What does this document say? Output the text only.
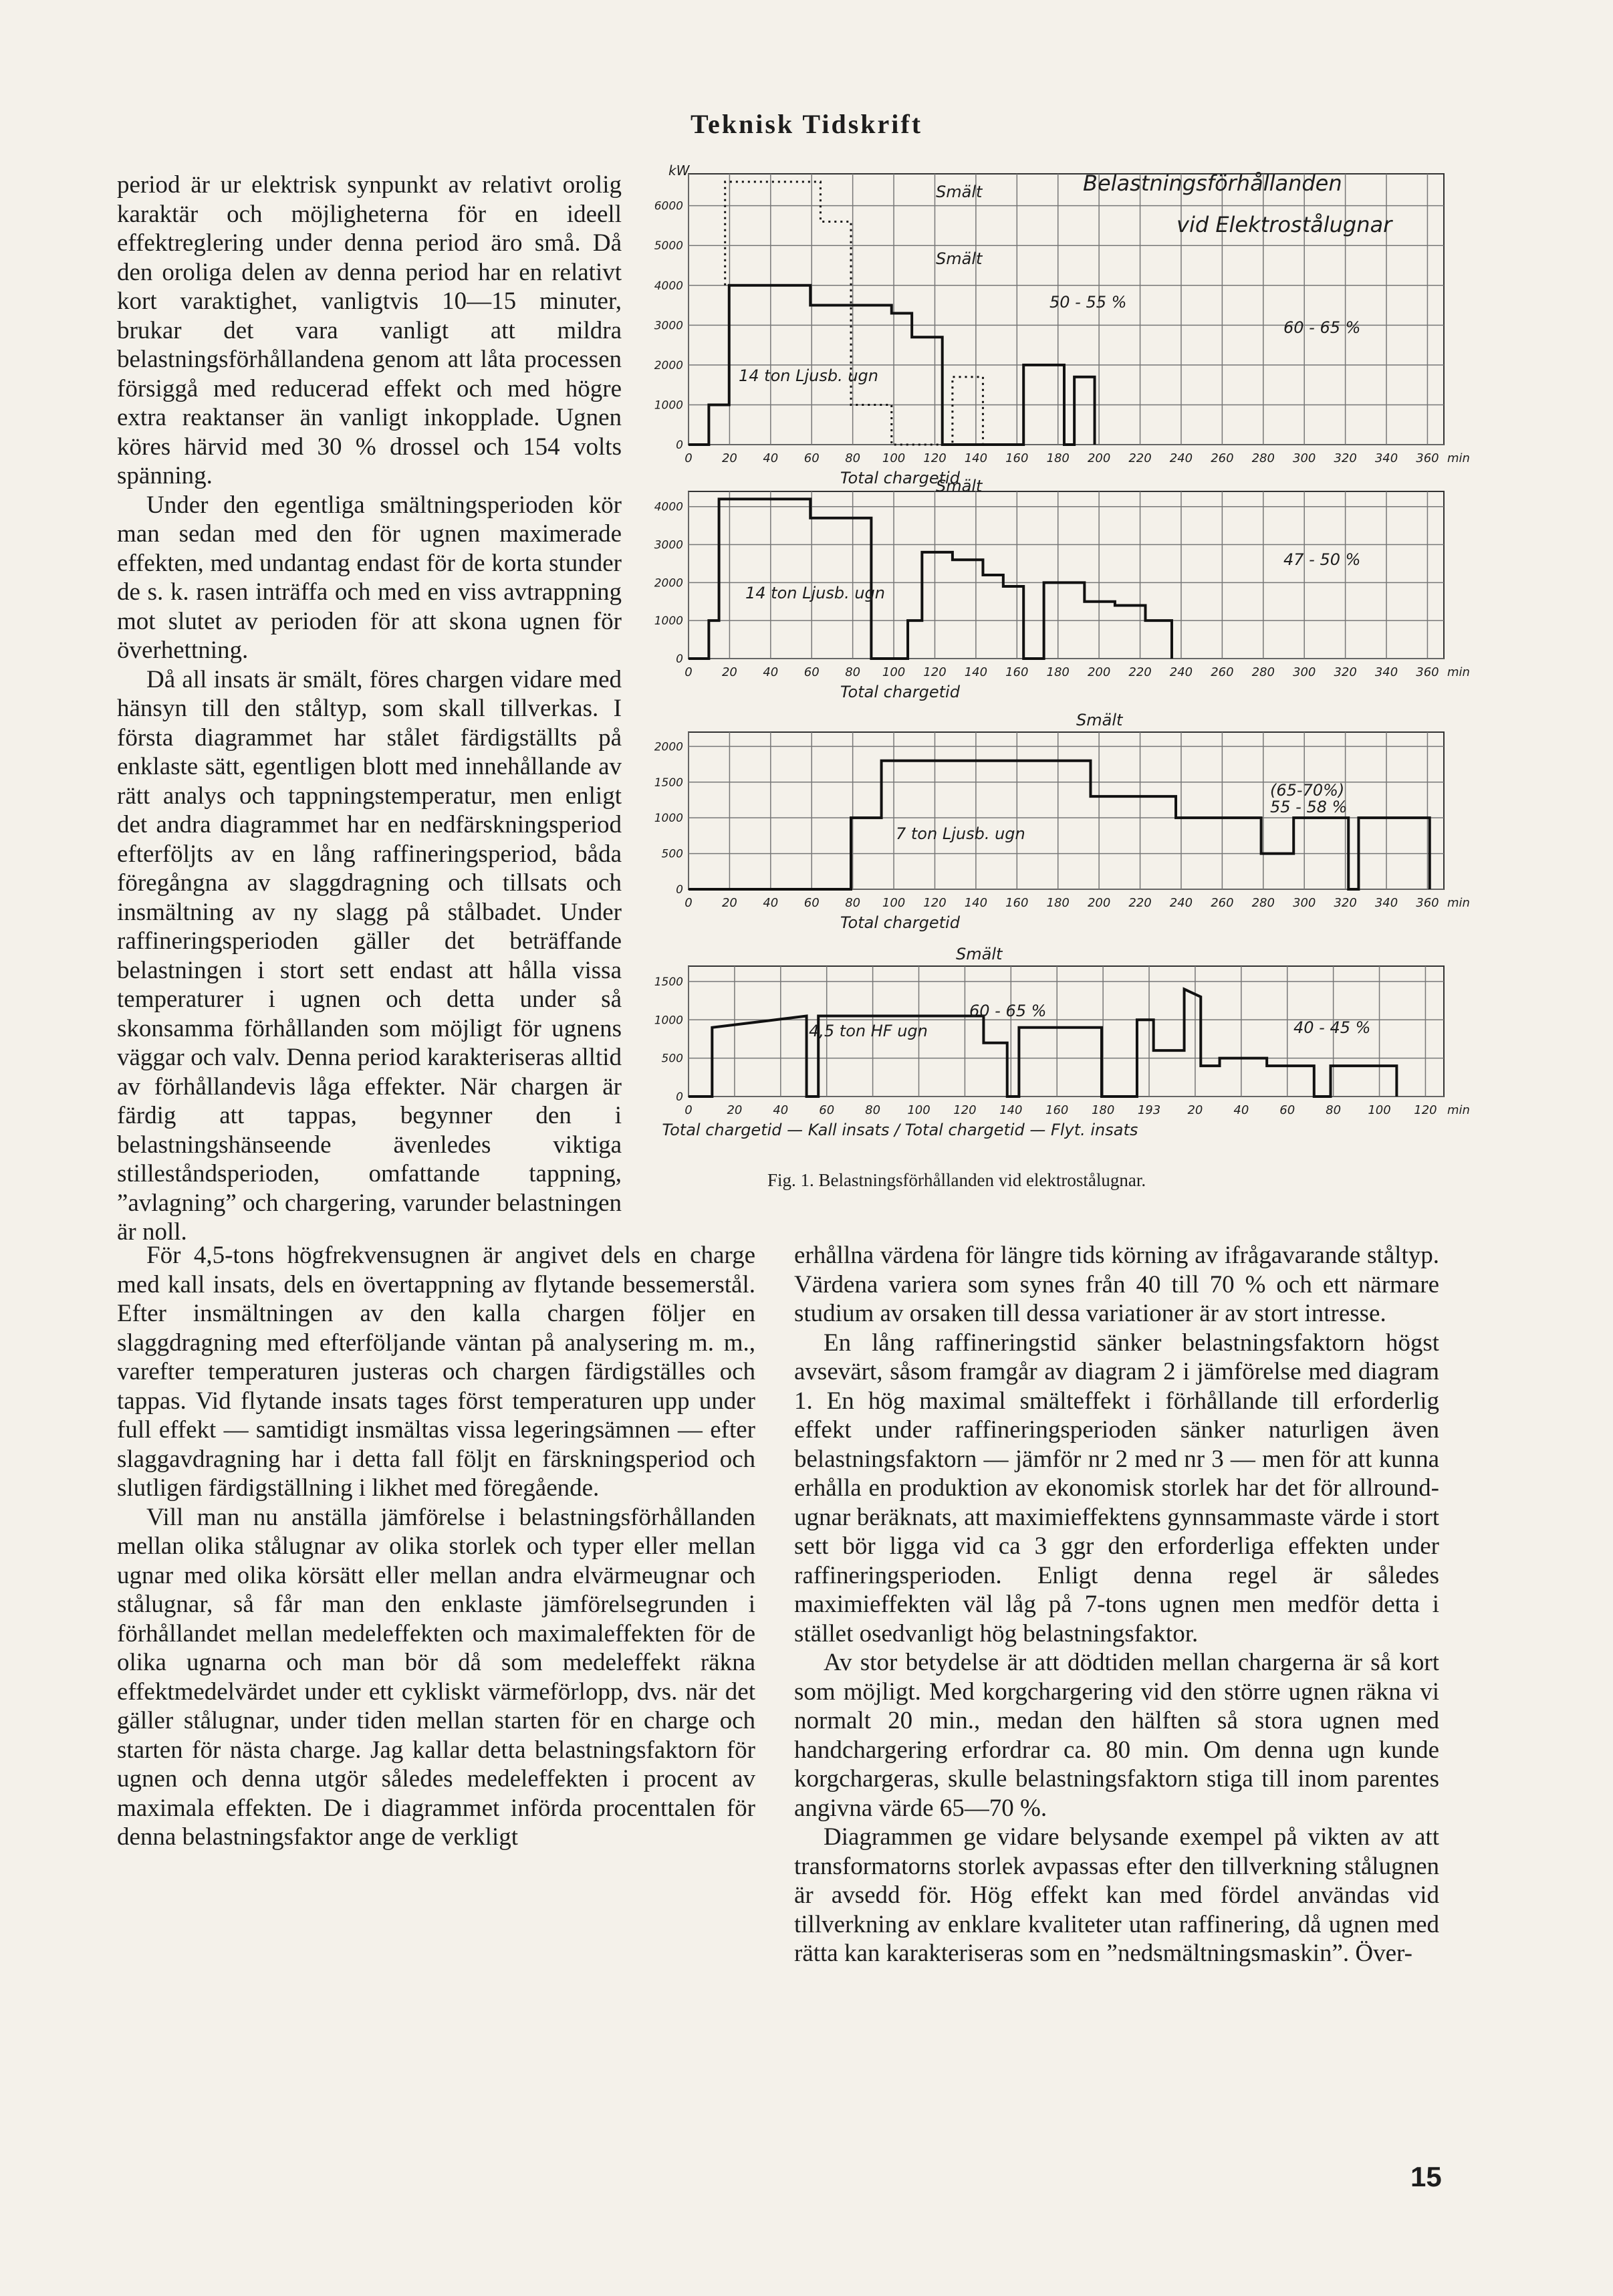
Teknisk Tidskrift

period är ur elektrisk synpunkt av relativt orolig karaktär och möjligheterna för en ideell effektreglering under denna period äro små. Då den oroliga delen av denna period har en relativt kort varaktighet, vanligtvis 10—15 minuter, brukar det vara vanligt att mildra belastningsförhållandena genom att låta processen försiggå med reducerad effekt och med högre extra reaktanser än vanligt inkopplade. Ugnen köres härvid med 30 % drossel och 154 volts spänning.

Under den egentliga smältningsperioden kör man sedan med den för ugnen maximerade effekten, med undantag endast för de korta stunder de s. k. rasen inträffa och med en viss avtrappning mot slutet av perioden för att skona ugnen för överhettning.

Då all insats är smält, föres chargen vidare med hänsyn till den ståltyp, som skall tillverkas. I första diagrammet har stålet färdigställts på enklaste sätt, egentligen blott med innehållande av rätt analys och tappningstemperatur, men enligt det andra diagrammet har en nedfärskningsperiod efterföljts av en lång raffineringsperiod, båda föregångna av slaggdragning och tillsats och insmältning av ny slagg på stålbadet. Under raffineringsperioden gäller det beträffande belastningen i stort sett endast att hålla vissa temperaturer i ugnen och detta under så skonsamma förhållanden som möjligt för ugnens väggar och valv. Denna period karakteriseras alltid av förhållandevis låga effekter. När chargen är färdig att tappas, begynner den i belastningshänseende ävenledes viktiga stilleståndsperioden, omfattande tappning, ”avlagning” och chargering, varunder belastningen är noll.

0 20 40 60 80 100 120 140 160 180 200 220 240 260 280 300 320 340 360 min
0
1000
2000
3000
4000
5000
6000
kW
Total chargetid
Belastningsförhållanden
vid Elektrostålugnar
Smält
Smält
50 - 55 %
60 - 65 %
14 ton Ljusb. ugn
0 20 40 60 80 100 120 140 160 180 200 220 240 260 280 300 320 340 360 min
0
1000
2000
3000
4000
Total chargetid
Smält
47 - 50 %
14 ton Ljusb. ugn
0 20 40 60 80 100 120 140 160 180 200 220 240 260 280 300 320 340 360 min
0
500
1000
1500
2000
Total chargetid
Smält
(65-70%)
55 - 58 %
7 ton Ljusb. ugn
0	20	40	60	80 100 120 140 160 180 193 20	40	60	80 100 120 min
0
500
1000
1500
Total chargetid — Kall insats / Total chargetid — Flyt. insats
Smält
60 - 65 %
40 - 45 %
4,5 ton HF ugn
Fig. 1. Belastningsförhållanden vid elektrostålugnar.

För 4,5-tons högfrekvensugnen är angivet dels en charge med kall insats, dels en övertappning av flytande bessemerstål. Efter insmältningen av den kalla chargen följer en slaggdragning med efterföljande väntan på analysering m. m., varefter temperaturen justeras och chargen färdigställes och tappas. Vid flytande insats tages först temperaturen upp under full effekt — samtidigt insmältas vissa legeringsämnen — efter slaggavdragning har i detta fall följt en färskningsperiod och slutligen färdigställning i likhet med föregående.

Vill man nu anställa jämförelse i belastningsförhållanden mellan olika stålugnar av olika storlek och typer eller mellan ugnar med olika körsätt eller mellan andra elvärmeugnar och stålugnar, så får man den enklaste jämförelsegrunden i förhållandet mellan medeleffekten och maximaleffekten för de olika ugnarna och man bör då som medeleffekt räkna effektmedelvärdet under ett cykliskt värmeförlopp, dvs. när det gäller stålugnar, under tiden mellan starten för en charge och starten för nästa charge. Jag kallar detta belastningsfaktorn för ugnen och denna utgör således medeleffekten i procent av maximala effekten. De i diagrammet införda procenttalen för denna belastningsfaktor ange de verkligt

erhållna värdena för längre tids körning av ifrågavarande ståltyp. Värdena variera som synes från 40 till 70 % och ett närmare studium av orsaken till dessa variationer är av stort intresse.

En lång raffineringstid sänker belastningsfaktorn högst avsevärt, såsom framgår av diagram 2 i jämförelse med diagram 1. En hög maximal smälteffekt i förhållande till erforderlig effekt under raffineringsperioden sänker naturligen även belastningsfaktorn — jämför nr 2 med nr 3 — men för att kunna erhålla en produktion av ekonomisk storlek har det för allround-ugnar beräknats, att maximieffektens gynnsammaste värde i stort sett bör ligga vid ca 3 ggr den erforderliga effekten under raffineringsperioden. Enligt denna regel är således maximieffekten väl låg på 7-tons ugnen men medför detta i stället osedvanligt hög belastningsfaktor.

Av stor betydelse är att dödtiden mellan chargerna är så kort som möjligt. Med korgchargering vid den större ugnen räkna vi normalt 20 min., medan den hälften så stora ugnen med handchargering erfordrar ca. 80 min. Om denna ugn kunde korgchargeras, skulle belastningsfaktorn stiga till inom parentes angivna värde 65—70 %.

Diagrammen ge vidare belysande exempel på vikten av att transformatorns storlek avpassas efter den tillverkning stålugnen är avsedd för. Hög effekt kan med fördel användas vid tillverkning av enklare kvaliteter utan raffinering, då ugnen med rätta kan karakteriseras som en ”nedsmältningsmaskin”. Över-

15
